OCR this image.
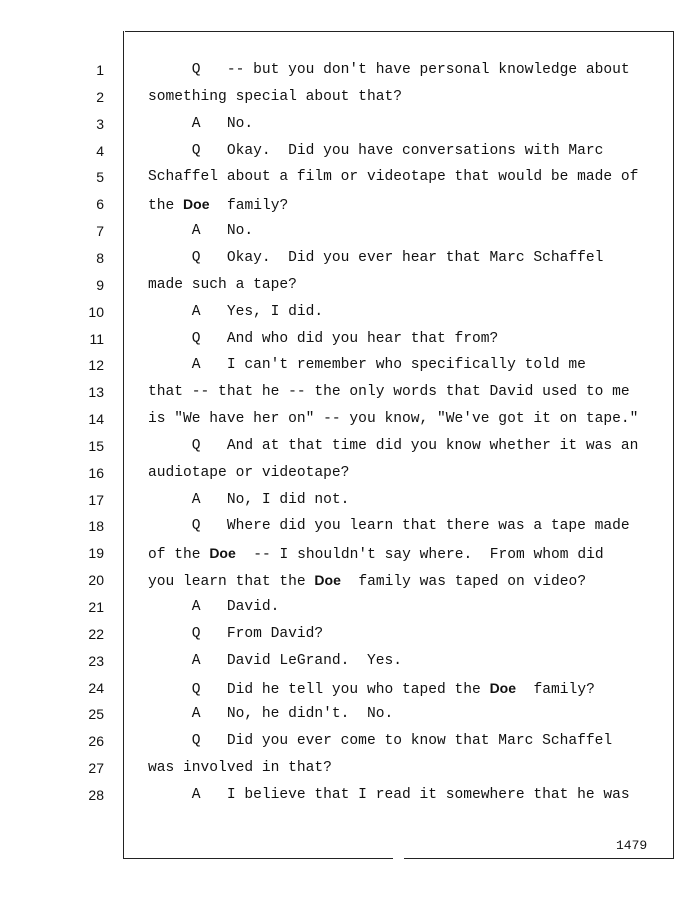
1	Q   -- but you don't have personal knowledge about
2	something special about that?
3	A   No.
4	Q   Okay.  Did you have conversations with Marc
5	Schaffel about a film or videotape that would be made of
6	the Doe  family?
7	A   No.
8	Q   Okay.  Did you ever hear that Marc Schaffel
9	made such a tape?
10	A   Yes, I did.
11	Q   And who did you hear that from?
12	A   I can't remember who specifically told me
13	that -- that he -- the only words that David used to me
14	is "We have her on" -- you know, "We've got it on tape."
15	Q   And at that time did you know whether it was an
16	audiotape or videotape?
17	A   No, I did not.
18	Q   Where did you learn that there was a tape made
19	of the Doe  -- I shouldn't say where.  From whom did
20	you learn that the Doe  family was taped on video?
21	A   David.
22	Q   From David?
23	A   David LeGrand.  Yes.
24	Q   Did he tell you who taped the Doe  family?
25	A   No, he didn't.  No.
26	Q   Did you ever come to know that Marc Schaffel
27	was involved in that?
28	A   I believe that I read it somewhere that he was
1479
